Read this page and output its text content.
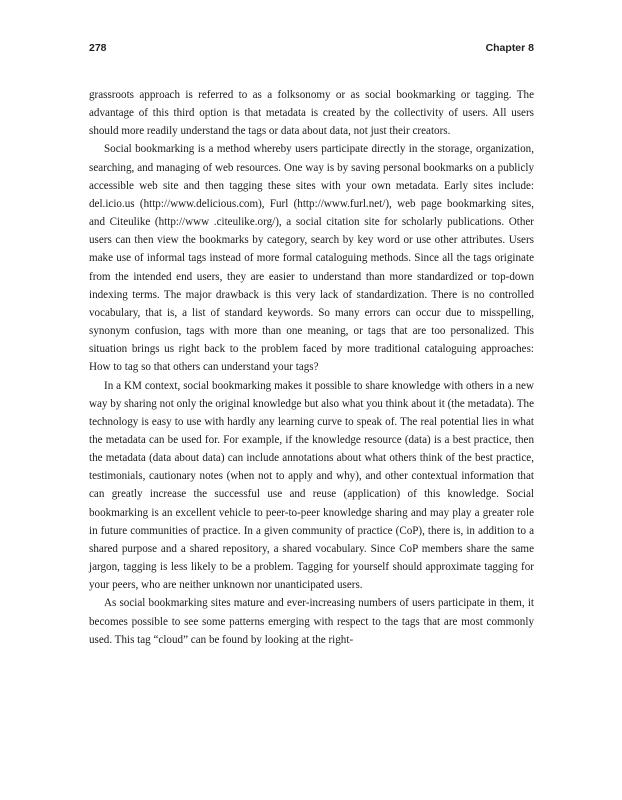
278	Chapter 8

grassroots approach is referred to as a folksonomy or as social bookmarking or tagging. The advantage of this third option is that metadata is created by the collectivity of users. All users should more readily understand the tags or data about data, not just their creators.

Social bookmarking is a method whereby users participate directly in the storage, organization, searching, and managing of web resources. One way is by saving personal bookmarks on a publicly accessible web site and then tagging these sites with your own metadata. Early sites include: del.icio.us (http://www.delicious.com), Furl (http://www.furl.net/), web page bookmarking sites, and Citeulike (http://www .citeulike.org/), a social citation site for scholarly publications. Other users can then view the bookmarks by category, search by key word or use other attributes. Users make use of informal tags instead of more formal cataloguing methods. Since all the tags originate from the intended end users, they are easier to understand than more standardized or top-down indexing terms. The major drawback is this very lack of standardization. There is no controlled vocabulary, that is, a list of standard keywords. So many errors can occur due to misspelling, synonym confusion, tags with more than one meaning, or tags that are too personalized. This situation brings us right back to the problem faced by more traditional cataloguing approaches: How to tag so that others can understand your tags?

In a KM context, social bookmarking makes it possible to share knowledge with others in a new way by sharing not only the original knowledge but also what you think about it (the metadata). The technology is easy to use with hardly any learning curve to speak of. The real potential lies in what the metadata can be used for. For example, if the knowledge resource (data) is a best practice, then the metadata (data about data) can include annotations about what others think of the best practice, testimonials, cautionary notes (when not to apply and why), and other contextual information that can greatly increase the successful use and reuse (application) of this knowledge. Social bookmarking is an excellent vehicle to peer-to-peer knowledge sharing and may play a greater role in future communities of practice. In a given community of practice (CoP), there is, in addition to a shared purpose and a shared repository, a shared vocabulary. Since CoP members share the same jargon, tagging is less likely to be a problem. Tagging for yourself should approximate tagging for your peers, who are neither unknown nor unanticipated users.

As social bookmarking sites mature and ever-increasing numbers of users participate in them, it becomes possible to see some patterns emerging with respect to the tags that are most commonly used. This tag “cloud” can be found by looking at the right-
